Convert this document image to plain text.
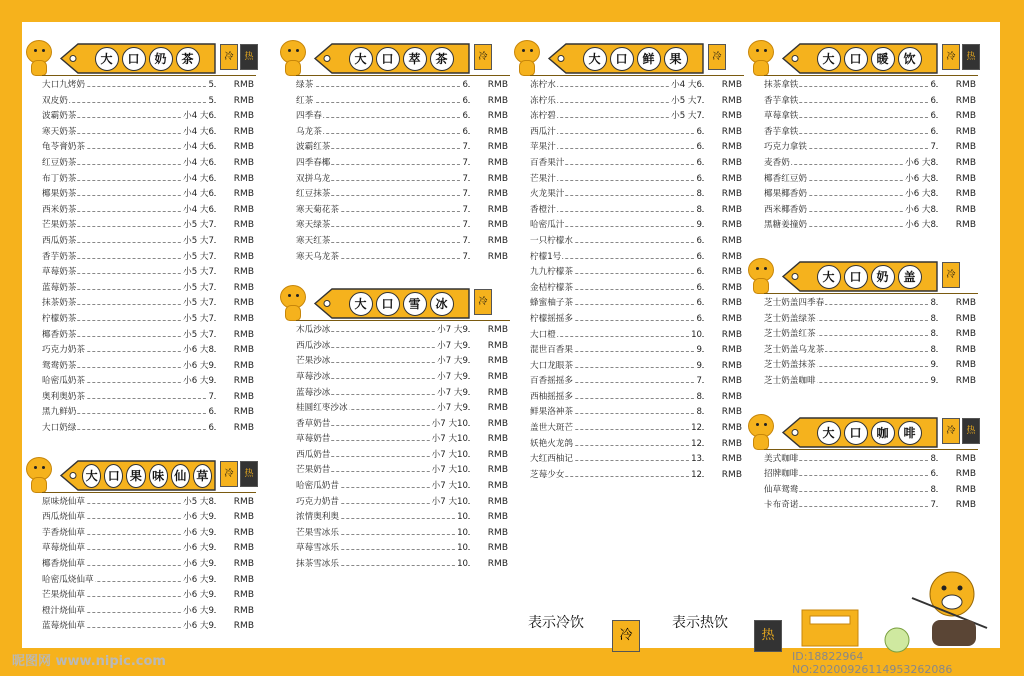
大	口	奶	茶	冷	热
大口九烤奶	5 RMB
双皮奶	5 RMB
波霸奶茶	小4 大6 RMB
寒天奶茶	小4 大6 RMB
龟苓膏奶茶	小4 大6 RMB
红豆奶茶	小4 大6 RMB
布丁奶茶	小4 大6 RMB
椰果奶茶	小4 大6 RMB
西米奶茶	小4 大6 RMB
芒果奶茶	小5 大7 RMB
西瓜奶茶	小5 大7 RMB
香芋奶茶	小5 大7 RMB
草莓奶茶	小5 大7 RMB
蓝莓奶茶	小5 大7 RMB
抹茶奶茶	小5 大7 RMB
柠檬奶茶	小5 大7 RMB
椰香奶茶	小5 大7 RMB
巧克力奶茶	小6 大8 RMB
鸳鸯奶茶	小6 大9 RMB
哈密瓜奶茶	小6 大9 RMB
奥利奥奶茶	7 RMB
黑九鲜奶	6 RMB
大口奶绿	6 RMB
大 口 果 味 仙 草	冷	热
原味烧仙草	小5 大8 RMB
西瓜烧仙草	小6 大9 RMB
芋香烧仙草	小6 大9 RMB
草莓烧仙草	小6 大9 RMB
椰香烧仙草	小6 大9 RMB
哈密瓜烧仙草	小6 大9 RMB
芒果烧仙草	小6 大9 RMB
橙汁烧仙草	小6 大9 RMB
蓝莓烧仙草	小6 大9 RMB
大	口	萃	茶	冷
绿茶	6 RMB
红茶	6 RMB
四季春	6 RMB
乌龙茶	6 RMB
波霸红茶	7 RMB
四季春椰	7 RMB
双拼乌龙	7 RMB
红豆抹茶	7 RMB
寒天菊花茶	7 RMB
寒天绿茶	7 RMB
寒天红茶	7 RMB
寒天乌龙茶	7 RMB
大	口	雪	冰	冷
木瓜沙冰	小7 大9 RMB
西瓜沙冰	小7 大9 RMB
芒果沙冰	小7 大9 RMB
草莓沙冰	小7 大9 RMB
蓝莓沙冰	小7 大9 RMB
桂圆红枣沙冰	小7 大9 RMB
香草奶昔	小7 大10 RMB
草莓奶昔	小7 大10 RMB
西瓜奶昔	小7 大10 RMB
芒果奶昔	小7 大10 RMB
哈密瓜奶昔	小7 大10 RMB
巧克力奶昔	小7 大10 RMB
浓情奥利奥	10 RMB
芒果雪冰乐	10 RMB
草莓雪冰乐	10 RMB
抹茶雪冰乐	10 RMB
大	口	鲜	果	冷
冻柠水	小4 大6 RMB
冻柠乐	小5 大7 RMB
冻柠碧	小5 大7 RMB
西瓜汁	6 RMB
苹果汁	6 RMB
百香果汁	6 RMB
芒果汁	6 RMB
火龙果汁	8 RMB
香橙汁	8 RMB
哈密瓜汁	9 RMB
一只柠檬水	6 RMB
柠檬1号	6 RMB
九九柠檬茶	6 RMB
金桔柠檬茶	6 RMB
蜂蜜柚子茶	6 RMB
柠檬摇摇多	6 RMB
大口橙	10 RMB
混世百香果	9 RMB
大口龙眼茶	9 RMB
百香摇摇多	7 RMB
西柚摇摇多	8 RMB
鲜果洛神茶	8 RMB
盖世大斑芒	12 RMB
妖艳火龙鸽	12 RMB
大红西柚记	13 RMB
芝莓少女	12 RMB
大	口	暖	饮	冷	热
抹茶拿铁	6 RMB
香芋拿铁	6 RMB
草莓拿铁	6 RMB
香芋拿铁	6 RMB
巧克力拿铁	7 RMB
麦香奶	小6 大8 RMB
椰香红豆奶	小6 大8 RMB
椰果椰香奶	小6 大8 RMB
西米椰香奶	小6 大8 RMB
黑糖姜撞奶	小6 大8 RMB
大	口	奶	盖	冷
芝士奶盖四季春	8 RMB
芝士奶盖绿茶	8 RMB
芝士奶盖红茶	8 RMB
芝士奶盖乌龙茶	8 RMB
芝士奶盖抹茶	9 RMB
芝士奶盖咖啡	9 RMB
大	口	咖	啡	冷	热
美式咖啡	8 RMB
招牌咖啡	6 RMB
仙草鸳鸯	8 RMB
卡布奇诺	7 RMB
表示冷饮
冷
表示热饮
热
昵图网 www.nipic.com	ID:18822964 NO:20200926114953262086
